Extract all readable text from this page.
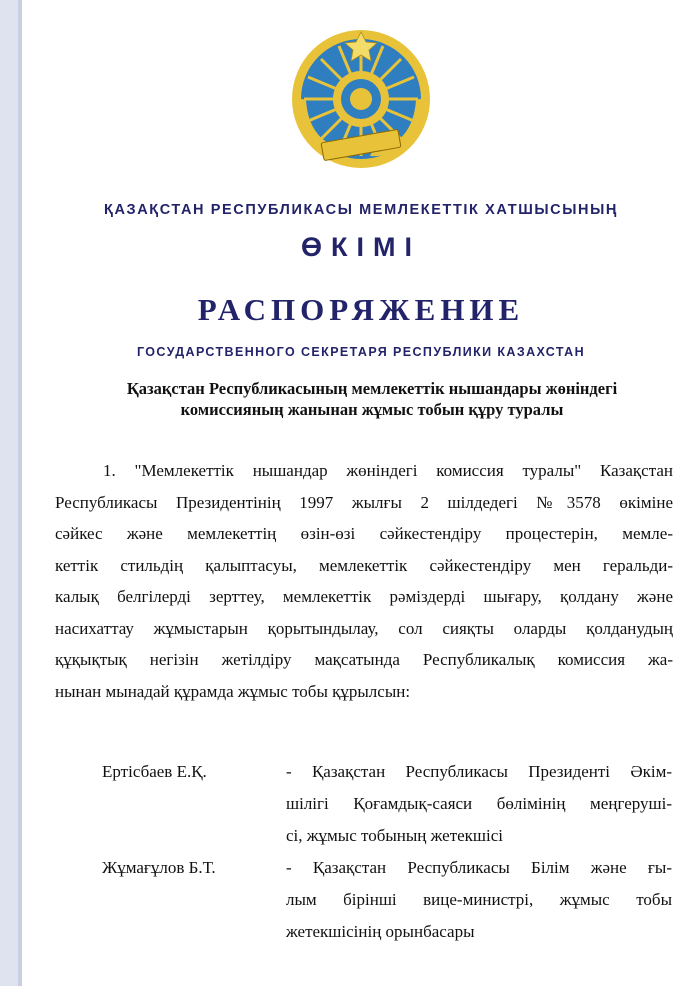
ҚАЗАҚСТАН РЕСПУБЛИКАСЫ МЕМЛЕКЕТТІК ХАТШЫСЫНЫҢ
ӨКІМІ
РАСПОРЯЖЕНИЕ
ГОСУДАРСТВЕННОГО СЕКРЕТАРЯ РЕСПУБЛИКИ КАЗАХСТАН
Қазақстан Республикасының мемлекеттік нышандары жөніндегі
комиссияның жанынан жұмыс тобын құру туралы
1. "Мемлекеттік нышандар жөніндегі комиссия туралы" Казақстан
Республикасы Президентінің 1997 жылғы 2 шілдедегі №3578 өкіміне
сәйкес және мемлекеттің өзін-өзі сәйкестендіру процестерін, мемле-
кеттік стильдің қалыптасуы, мемлекеттік сәйкестендіру мен геральди-
калық белгілерді зерттеу, мемлекеттік рәміздерді шығару, қолдану және
насихаттау жұмыстарын қорытындылау, сол сияқты оларды қолданудың
құқықтық негізін жетілдіру мақсатында Республикалық комиссия жа-
нынан мынадай құрамда жұмыс тобы құрылсын:
Ертісбаев Е.Қ.	- Қазақстан Республикасы Президенті Әкім-
шілігі Қоғамдық-саяси бөлімінің меңгеруші-
сі, жұмыс тобының жетекшісі
Жұмағұлов Б.Т.	- Қазақстан Республикасы Білім және ғы-
лым бірінші вице-министрі, жұмыс тобы
жетекшісінің орынбасары
